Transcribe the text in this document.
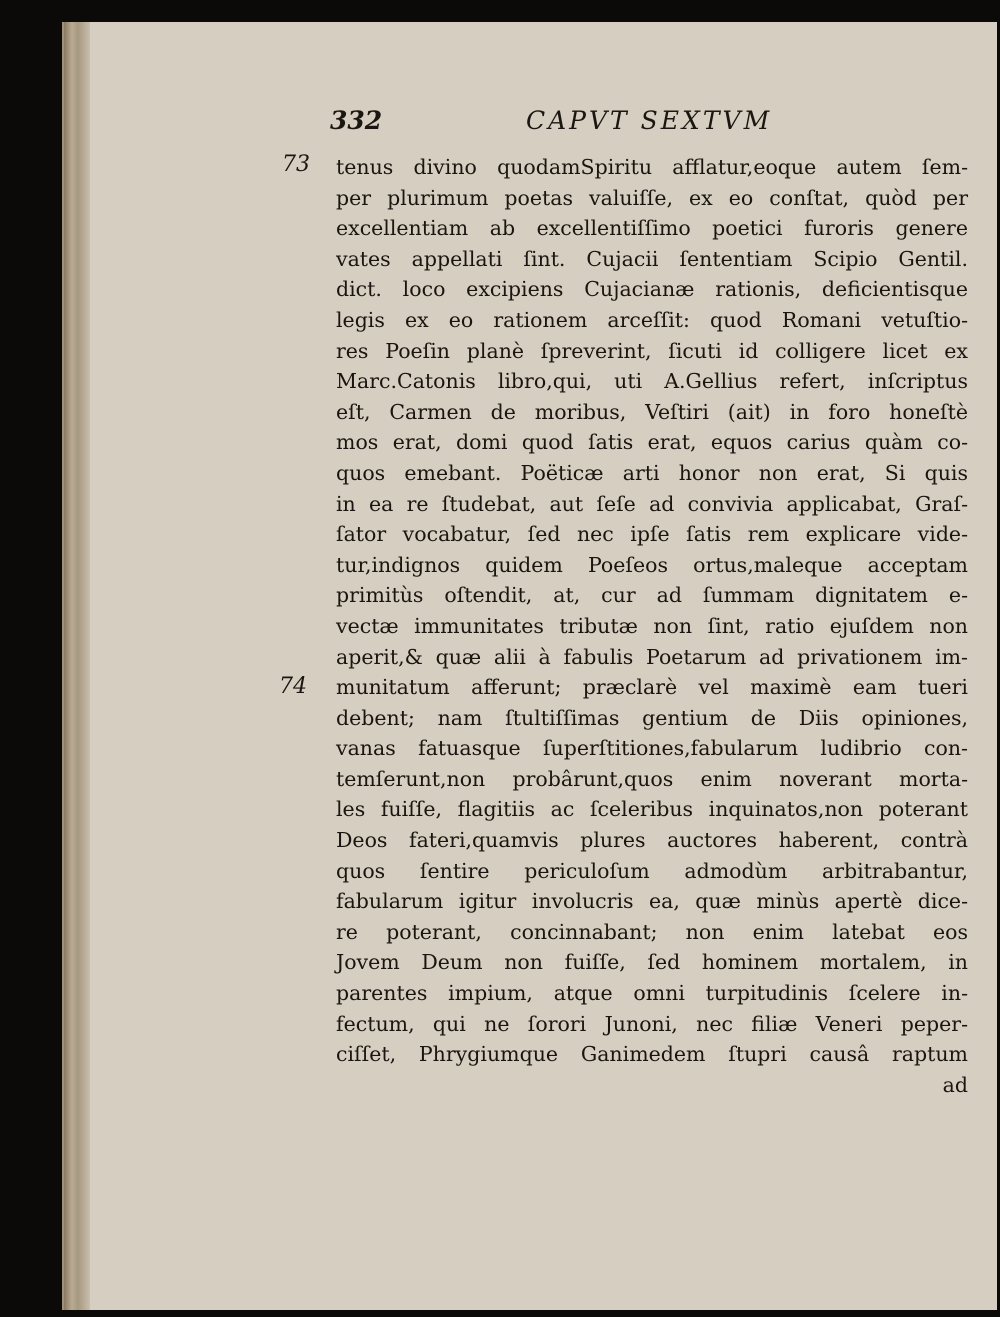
332	CAPVT SEXTVM
73
74
tenus divino quodamSpiritu afflatur,eoque autem ſem-
per plurimum poetas valuiſſe, ex eo conſtat, quòd per
excellentiam ab excellentiſſimo poetici furoris genere
vates appellati ſint. Cujacii ſententiam Scipio Gentil.
dict. loco excipiens Cujacianæ rationis, deficientisque
legis ex eo rationem arceſſit: quod Romani vetuſtio-
res Poeſin planè ſpreverint, ſicuti id colligere licet ex
Marc.Catonis libro,qui, uti A.Gellius refert, inſcriptus
eſt, Carmen de moribus, Veſtiri (ait) in foro honeſtè
mos erat, domi quod ſatis erat, equos carius quàm co-
quos emebant. Poëticæ arti honor non erat, Si quis
in ea re ſtudebat, aut ſeſe ad convivia applicabat, Graſ-
ſator vocabatur, ſed nec ipſe ſatis rem explicare vide-
tur,indignos quidem Poeſeos ortus,maleque acceptam
primitùs oſtendit, at, cur ad ſummam dignitatem e-
vectæ immunitates tributæ non ſint, ratio ejuſdem non
aperit,& quæ alii à fabulis Poetarum ad privationem im-
munitatum afferunt; præclarè vel maximè eam tueri
debent; nam ſtultiſſimas gentium de Diis opiniones,
vanas fatuasque ſuperſtitiones,fabularum ludibrio con-
temſerunt,non probârunt,quos enim noverant morta-
les fuiſſe, flagitiis ac ſceleribus inquinatos,non poterant
Deos fateri,quamvis plures auctores haberent, contrà
quos ſentire periculoſum admodùm arbitrabantur,
fabularum igitur involucris ea, quæ minùs apertè dice-
re poterant, concinnabant; non enim latebat eos
Jovem Deum non fuiſſe, ſed hominem mortalem, in
parentes impium, atque omni turpitudinis ſcelere in-
fectum, qui ne ſorori Junoni, nec filiæ Veneri peper-
ciſſet, Phrygiumque Ganimedem ſtupri causâ raptum
ad
